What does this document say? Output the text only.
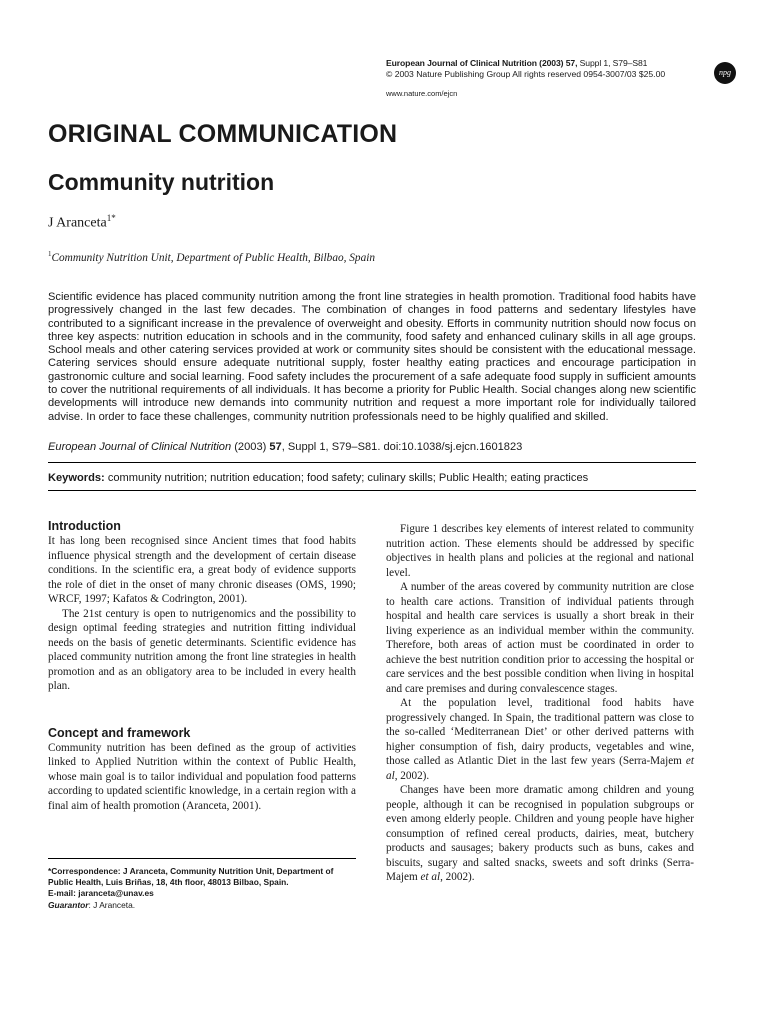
European Journal of Clinical Nutrition (2003) 57, Suppl 1, S79–S81
© 2003 Nature Publishing Group All rights reserved 0954-3007/03 $25.00
www.nature.com/ejcn
npg
ORIGINAL COMMUNICATION
Community nutrition
J Aranceta$^{1*}$
$^1$Community Nutrition Unit, Department of Public Health, Bilbao, Spain
Scientific evidence has placed community nutrition among the front line strategies in health promotion. Traditional food habits have progressively changed in the last few decades. The combination of changes in food patterns and sedentary lifestyles have contributed to a significant increase in the prevalence of overweight and obesity. Efforts in community nutrition should now focus on three key aspects: nutrition education in schools and in the community, food safety and enhanced culinary skills in all age groups. School meals and other catering services provided at work or community sites should be consistent with the educational message. Catering services should ensure adequate nutritional supply, foster healthy eating practices and encourage participation in gastronomic culture and social learning. Food safety includes the procurement of a safe adequate food supply in sufficient amounts to cover the nutritional requirements of all individuals. It has become a priority for Public Health. Social changes along new scientific developments will introduce new demands into community nutrition and request a more important role for individually tailored advise. In order to face these challenges, community nutrition professionals need to be highly qualified and skilled.
European Journal of Clinical Nutrition (2003) 57, Suppl 1, S79–S81. doi:10.1038/sj.ejcn.1601823
Keywords: community nutrition; nutrition education; food safety; culinary skills; Public Health; eating practices
Introduction

It has long been recognised since Ancient times that food habits influence physical strength and the development of certain disease conditions. In the scientific era, a great body of evidence supports the role of diet in the onset of many chronic diseases (OMS, 1990; WRCF, 1997; Kafatos & Codrington, 2001).

The 21st century is open to nutrigenomics and the possibility to design optimal feeding strategies and nutrition fitting individual needs on the basis of genetic determinants. Scientific evidence has placed community nutrition among the front line strategies in health promotion and as an obligatory area to be included in every health plan.

Concept and framework

Community nutrition has been defined as the group of activities linked to Applied Nutrition within the context of Public Health, whose main goal is to tailor individual and population food patterns according to updated scientific knowledge, in a certain region with a final aim of health promotion (Aranceta, 2001).

*Correspondence: J Aranceta, Community Nutrition Unit, Department of Public Health, Luis Briñas, 18, 4th floor, 48013 Bilbao, Spain.
E-mail: jaranceta@unav.es
Guarantor: J Aranceta.

Figure 1 describes key elements of interest related to community nutrition action. These elements should be addressed by specific objectives in health plans and policies at the regional and national level.

A number of the areas covered by community nutrition are close to health care actions. Transition of individual patients through hospital and health care services is usually a short break in their living experience as an individual member within the community. Therefore, both areas of action must be coordinated in order to achieve the best nutrition condition prior to accessing the hospital or care services and the best possible condition when living in hospital and care premises and during convalescence stages.

At the population level, traditional food habits have progressively changed. In Spain, the traditional pattern was close to the so-called ‘Mediterranean Diet’ or other derived patterns with higher consumption of fish, dairy products, vegetables and wine, those called as Atlantic Diet in the last few years (Serra-Majem et al, 2002).

Changes have been more dramatic among children and young people, although it can be recognised in population subgroups or even among elderly people. Children and young people have higher consumption of refined cereal products, dairies, meat, butchery products and sausages; bakery products such as buns, cakes and biscuits, sugary and salted snacks, sweets and soft drinks (Serra-Majem et al, 2002).
